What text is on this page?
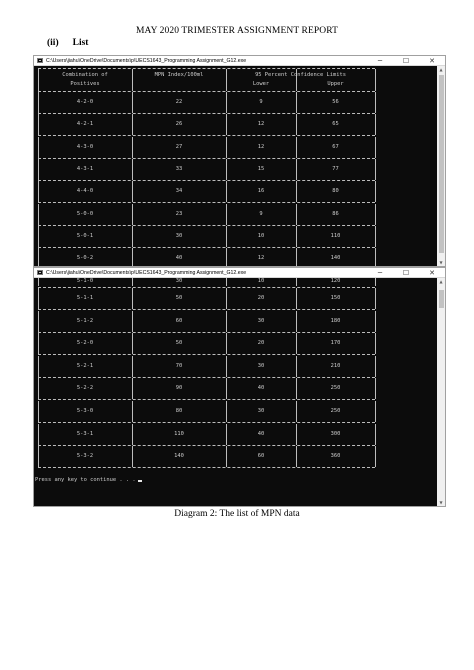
MAY 2020 TRIMESTER ASSIGNMENT REPORT
(ii) List
C:\Users\jiahu\OneDrive\Documents\p\UECS1643_Programming Assignment_G12.exe	─	☐	✕
▲
▼
Combination of
Positives
MPN Index/100ml	95 Percent Confidence Limits
Lower	Upper
4-2-0	22	9	56
4-2-1	26	12	65
4-3-0	27	12	67
4-3-1	33	15	77
4-4-0	34	16	80
5-0-0	23	9	86
5-0-1	30	10	110
5-0-2	40	12	140
C:\Users\jiahu\OneDrive\Documents\p\UECS1643_Programming Assignment_G12.exe	─	☐	✕
▲
▼
5-1-0	30	10	120
5-1-1	50	20	150
5-1-2	60	30	180
5-2-0	50	20	170
5-2-1	70	30	210
5-2-2	90	40	250
5-3-0	80	30	250
5-3-1	110	40	300
5-3-2	140	60	360
Press any key to continue . . .
Diagram 2: The list of MPN data
